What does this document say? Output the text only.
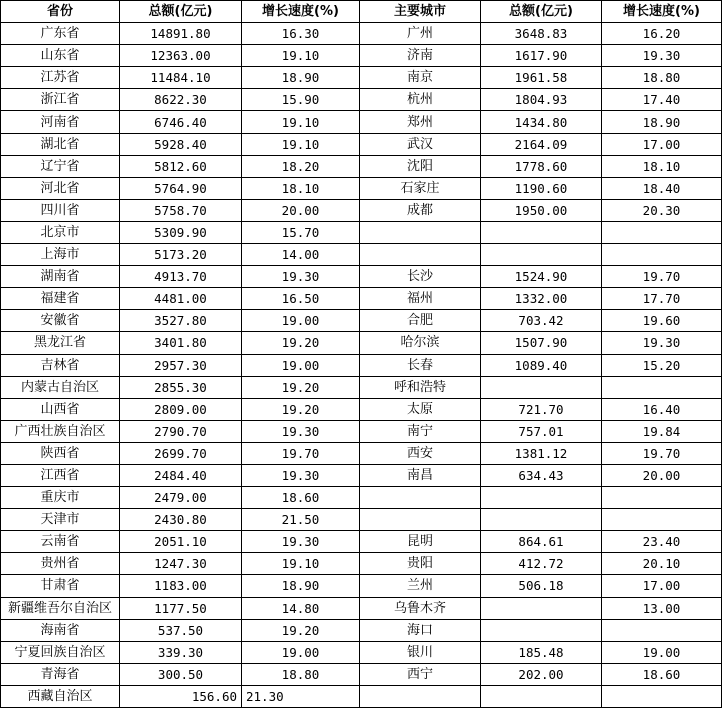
省份	总额(亿元)	增长速度(%)	主要城市	总额(亿元)	增长速度(%)
广东省	14891.80	16.30	广州	3648.83	16.20
山东省	12363.00	19.10	济南	1617.90	19.30
江苏省	11484.10	18.90	南京	1961.58	18.80
浙江省	8622.30	15.90	杭州	1804.93	17.40
河南省	6746.40	19.10	郑州	1434.80	18.90
湖北省	5928.40	19.10	武汉	2164.09	17.00
辽宁省	5812.60	18.20	沈阳	1778.60	18.10
河北省	5764.90	18.10	石家庄	1190.60	18.40
四川省	5758.70	20.00	成都	1950.00	20.30
北京市	5309.90	15.70			
上海市	5173.20	14.00			
湖南省	4913.70	19.30	长沙	1524.90	19.70
福建省	4481.00	16.50	福州	1332.00	17.70
安徽省	3527.80	19.00	合肥	703.42	19.60
黑龙江省	3401.80	19.20	哈尔滨	1507.90	19.30
吉林省	2957.30	19.00	长春	1089.40	15.20
内蒙古自治区	2855.30	19.20	呼和浩特		
山西省	2809.00	19.20	太原	721.70	16.40
广西壮族自治区	2790.70	19.30	南宁	757.01	19.84
陕西省	2699.70	19.70	西安	1381.12	19.70
江西省	2484.40	19.30	南昌	634.43	20.00
重庆市	2479.00	18.60			
天津市	2430.80	21.50			
云南省	2051.10	19.30	昆明	864.61	23.40
贵州省	1247.30	19.10	贵阳	412.72	20.10
甘肃省	1183.00	18.90	兰州	506.18	17.00
新疆维吾尔自治区	1177.50	14.80	乌鲁木齐		13.00
海南省	537.50	19.20	海口		
宁夏回族自治区	339.30	19.00	银川	185.48	19.00
青海省	300.50	18.80	西宁	202.00	18.60
西藏自治区	156.60	21.30			
